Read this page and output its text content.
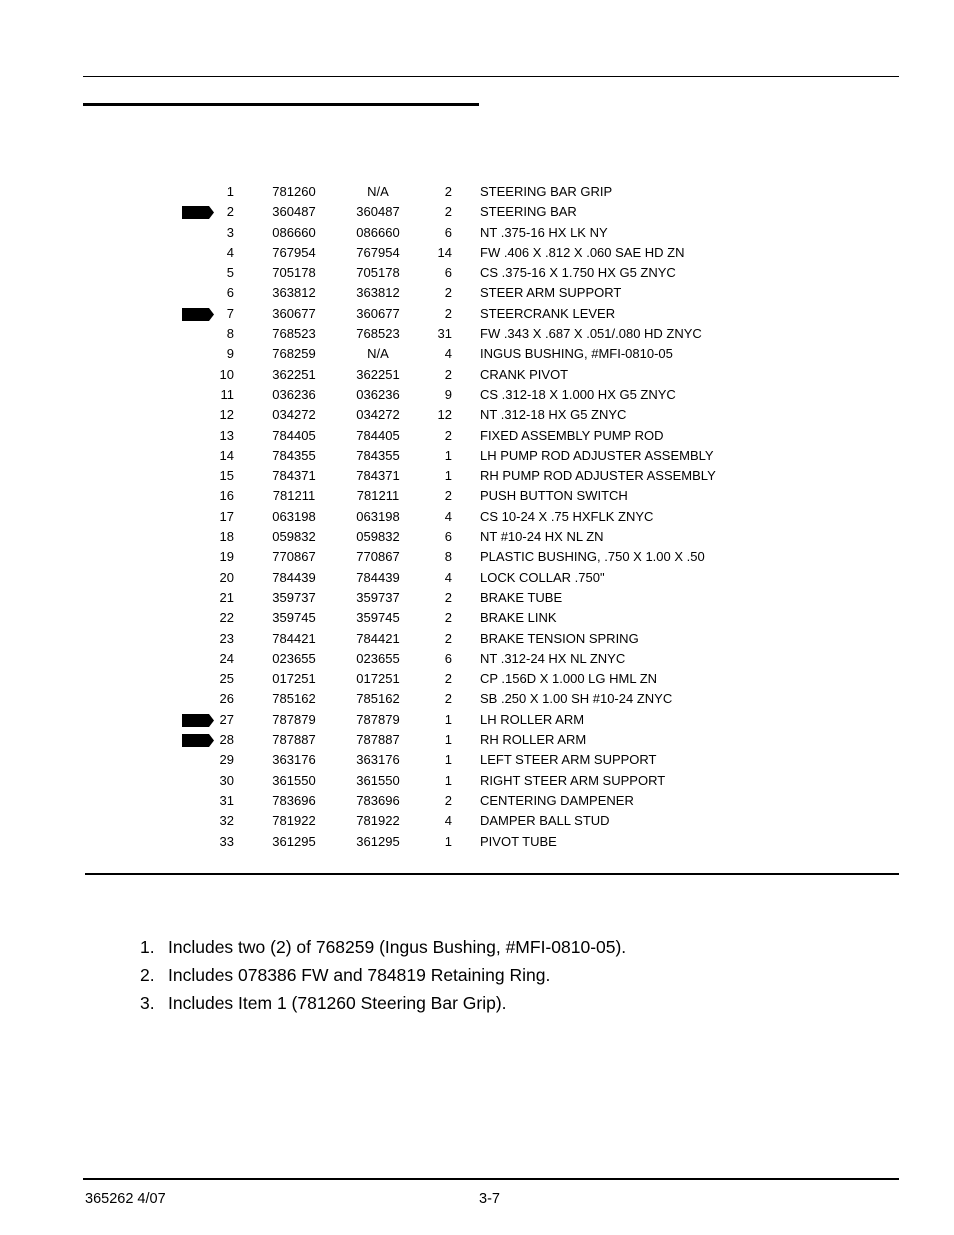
1	781260	N/A	2 STEERING BAR GRIP
2	360487	360487	2 STEERING BAR
3	086660	086660	6 NT .375-16 HX LK NY
4	767954	767954	14 FW .406 X .812 X .060 SAE HD ZN
5	705178	705178	6 CS .375-16 X 1.750 HX G5 ZNYC
6	363812	363812	2 STEER ARM SUPPORT
7	360677	360677	2 STEERCRANK LEVER
8	768523	768523	31 FW .343 X .687 X .051/.080 HD ZNYC
9	768259	N/A	4 INGUS BUSHING, #MFI-0810-05
10	362251	362251	2 CRANK PIVOT
11	036236	036236	9 CS .312-18 X 1.000 HX G5 ZNYC
12	034272	034272	12 NT .312-18 HX G5 ZNYC
13	784405	784405	2 FIXED ASSEMBLY PUMP ROD
14	784355	784355	1 LH PUMP ROD ADJUSTER ASSEMBLY
15	784371	784371	1 RH PUMP ROD ADJUSTER ASSEMBLY
16	781211	781211	2 PUSH BUTTON SWITCH
17	063198	063198	4 CS 10-24 X .75 HXFLK ZNYC
18	059832	059832	6 NT #10-24 HX NL ZN
19	770867	770867	8 PLASTIC BUSHING, .750 X 1.00 X .50
20	784439	784439	4 LOCK COLLAR .750"
21	359737	359737	2 BRAKE TUBE
22	359745	359745	2 BRAKE LINK
23	784421	784421	2 BRAKE TENSION SPRING
24	023655	023655	6 NT .312-24 HX NL ZNYC
25	017251	017251	2 CP .156D X 1.000 LG HML ZN
26	785162	785162	2 SB .250 X 1.00 SH #10-24 ZNYC
27	787879	787879	1 LH ROLLER ARM
28	787887	787887	1 RH ROLLER ARM
29	363176	363176	1 LEFT STEER ARM SUPPORT
30	361550	361550	1 RIGHT STEER ARM SUPPORT
31	783696	783696	2 CENTERING DAMPENER
32	781922	781922	4 DAMPER BALL STUD
33	361295	361295	1 PIVOT TUBE
1. Includes two (2) of 768259 (Ingus Bushing, #MFI-0810-05).
2. Includes 078386 FW and 784819 Retaining Ring.
3. Includes Item 1 (781260 Steering Bar Grip).
365262 4/07	3-7
